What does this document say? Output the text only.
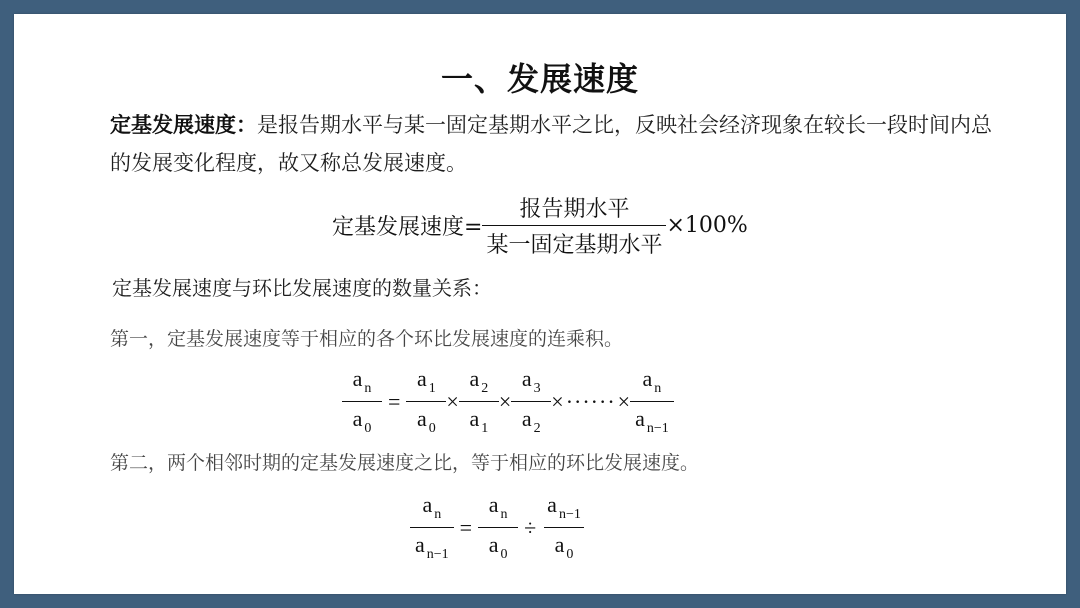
一、发展速度
定基发展速度：是报告期水平与某一固定基期水平之比，反映社会经济现象在较长一段时间内总的发展变化程度，故又称总发展速度。
定基发展速度= $\frac{\text{报告期水平}}{\text{某一固定基期水平}} \times 100\%$
定基发展速度与环比发展速度的数量关系：
第一，定基发展速度等于相应的各个环比发展速度的连乘积。
$\frac{a _n}{a _0} = \frac{a _1}{a _0} \times \frac{a _2}{a _1} \times \frac{a _3}{a _2}$ × ······ × $\frac{a _n}{a _{n-1}}$
第二，两个相邻时期的定基发展速度之比，等于相应的环比发展速度。
$\frac{a _n}{a _{n-1}} = \frac{a _n}{a _0} \div \frac{a _{n-1}}{a _0}$
